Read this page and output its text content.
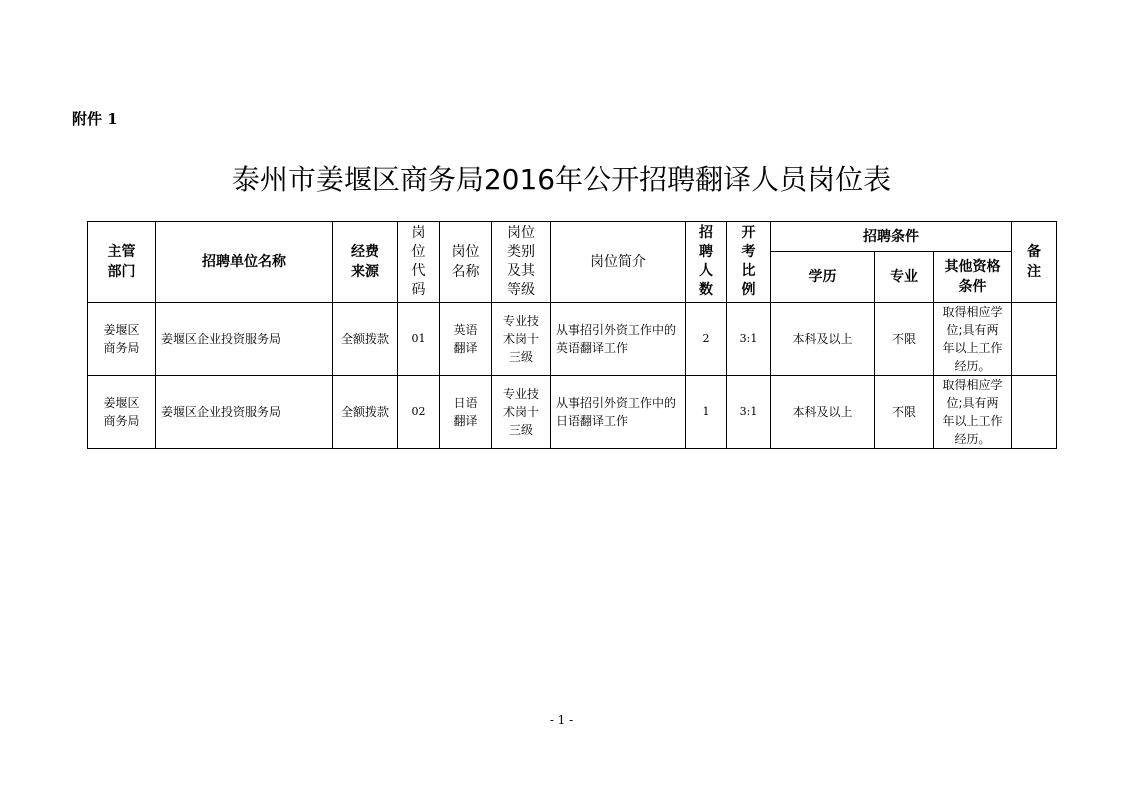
附件 1
泰州市姜堰区商务局2016年公开招聘翻译人员岗位表
主管部门	招聘单位名称	经费来源	岗位代码	岗位名称	岗位类别及其等级	岗位简介	招聘人数	开考比例	招聘条件			备注

									学历	专业	其他资格条件	

姜堰区商务局	姜堰区企业投资服务局	全额拨款	01	英语翻译	专业技术岗十三级	从事招引外资工作中的英语翻译工作	2	3:1	本科及以上	不限	取得相应学位;具有两年以上工作经历。	

姜堰区商务局	姜堰区企业投资服务局	全额拨款	02	日语翻译	专业技术岗十三级	从事招引外资工作中的日语翻译工作	1	3:1	本科及以上	不限	取得相应学位;具有两年以上工作经历。	

- 1 -
